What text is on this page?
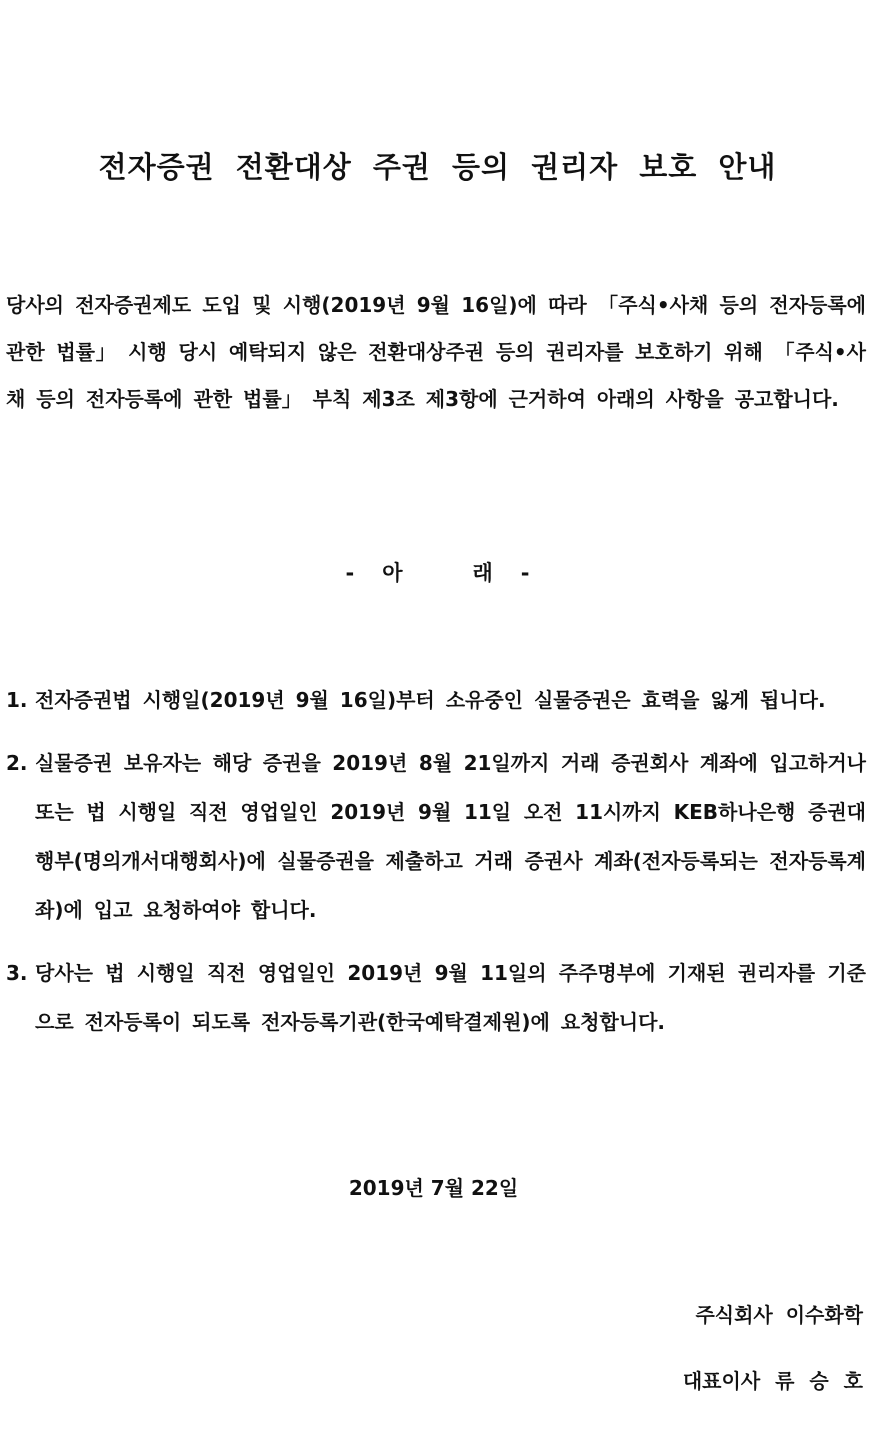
전자증권 전환대상 주권 등의 권리자 보호 안내
당사의 전자증권제도 도입 및 시행(2019년 9월 16일)에 따라 「주식•사채 등의 전자등록에 관한 법률」 시행 당시 예탁되지 않은 전환대상주권 등의 권리자를 보호하기 위해 「주식•사채 등의 전자등록에 관한 법률」 부칙 제3조 제3항에 근거하여 아래의 사항을 공고합니다.
- 아	래 -
1. 전자증권법 시행일(2019년 9월 16일)부터 소유중인 실물증권은 효력을 잃게 됩니다.
2. 실물증권 보유자는 해당 증권을 2019년 8월 21일까지 거래 증권회사 계좌에 입고하거나 또는 법 시행일 직전 영업일인 2019년 9월 11일 오전 11시까지 KEB하나은행 증권대행부(명의개서대행회사)에 실물증권을 제출하고 거래 증권사 계좌(전자등록되는 전자등록계좌)에 입고 요청하여야 합니다.
3. 당사는 법 시행일 직전 영업일인 2019년 9월 11일의 주주명부에 기재된 권리자를 기준으로 전자등록이 되도록 전자등록기관(한국예탁결제원)에 요청합니다.
2019년 7월 22일
주식회사 이수화학
대표이사 류 승 호
